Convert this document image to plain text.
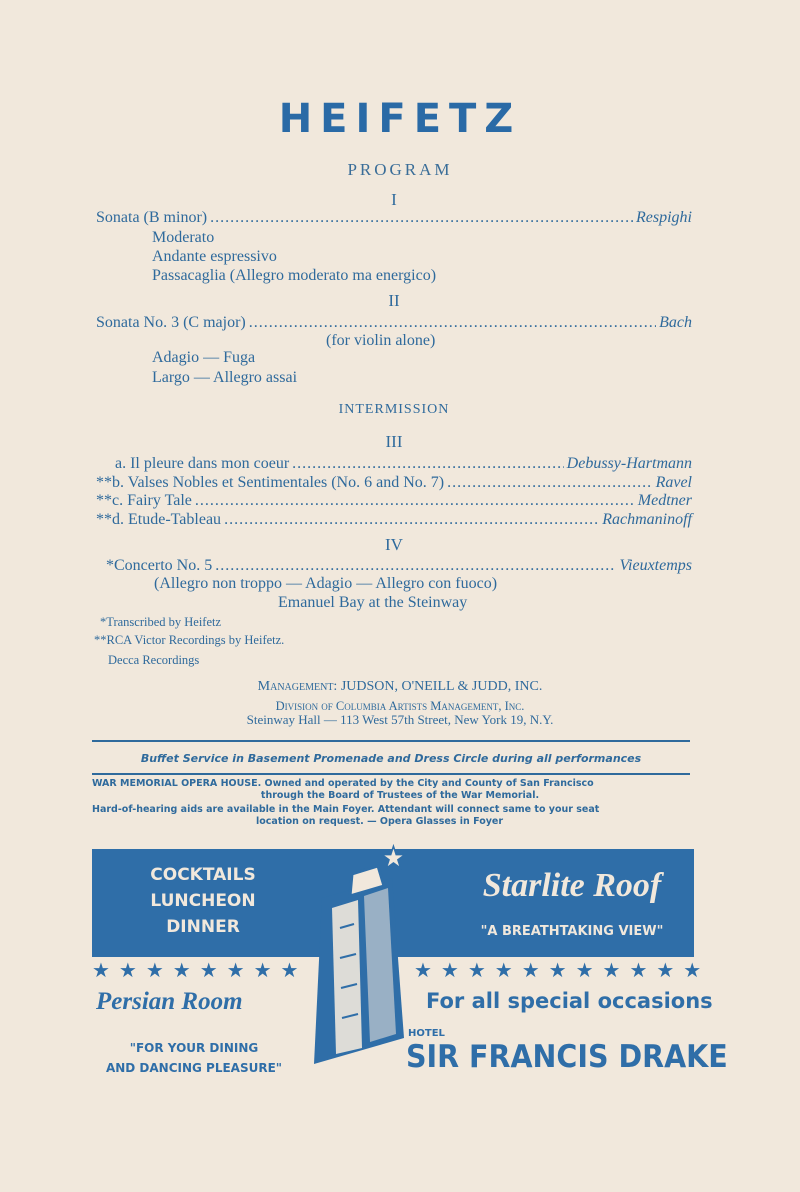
HEIFETZ
PROGRAM
I
Sonata (B minor) .....	Respighi
Moderato
Andante espressivo
Passacaglia (Allegro moderato ma energico)
II
Sonata No. 3 (C major) .....	Bach
(for violin alone)
Adagio — Fuga
Largo — Allegro assai
INTERMISSION
III
a. Il pleure dans mon coeur .....	Debussy-Hartmann
**b. Valses Nobles et Sentimentales (No. 6 and No. 7) .....	Ravel
**c. Fairy Tale .....	Medtner
**d. Etude-Tableau .....	Rachmaninoff
IV
*Concerto No. 5 .....	Vieuxtemps
(Allegro non troppo — Adagio — Allegro con fuoco)
Emanuel Bay at the Steinway
*Transcribed by Heifetz
**RCA Victor Recordings by Heifetz.
Decca Recordings
Management: JUDSON, O'NEILL & JUDD, INC.
Division of Columbia Artists Management, Inc.
Steinway Hall — 113 West 57th Street, New York 19, N.Y.
Buffet Service in Basement Promenade and Dress Circle during all performances
WAR MEMORIAL OPERA HOUSE. Owned and operated by the City and County of San Francisco
through the Board of Trustees of the War Memorial.
Hard-of-hearing aids are available in the Main Foyer. Attendant will connect same to your seat
location on request. — Opera Glasses in Foyer
COCKTAILS
LUNCHEON
DINNER
Starlite Roof
"A BREATHTAKING VIEW"
★★★★★★★★	★★★★★★★★★★★
★
Persian Room
"FOR YOUR DINING
AND DANCING PLEASURE"
For all special occasions
HOTEL
SIR FRANCIS DRAKE
